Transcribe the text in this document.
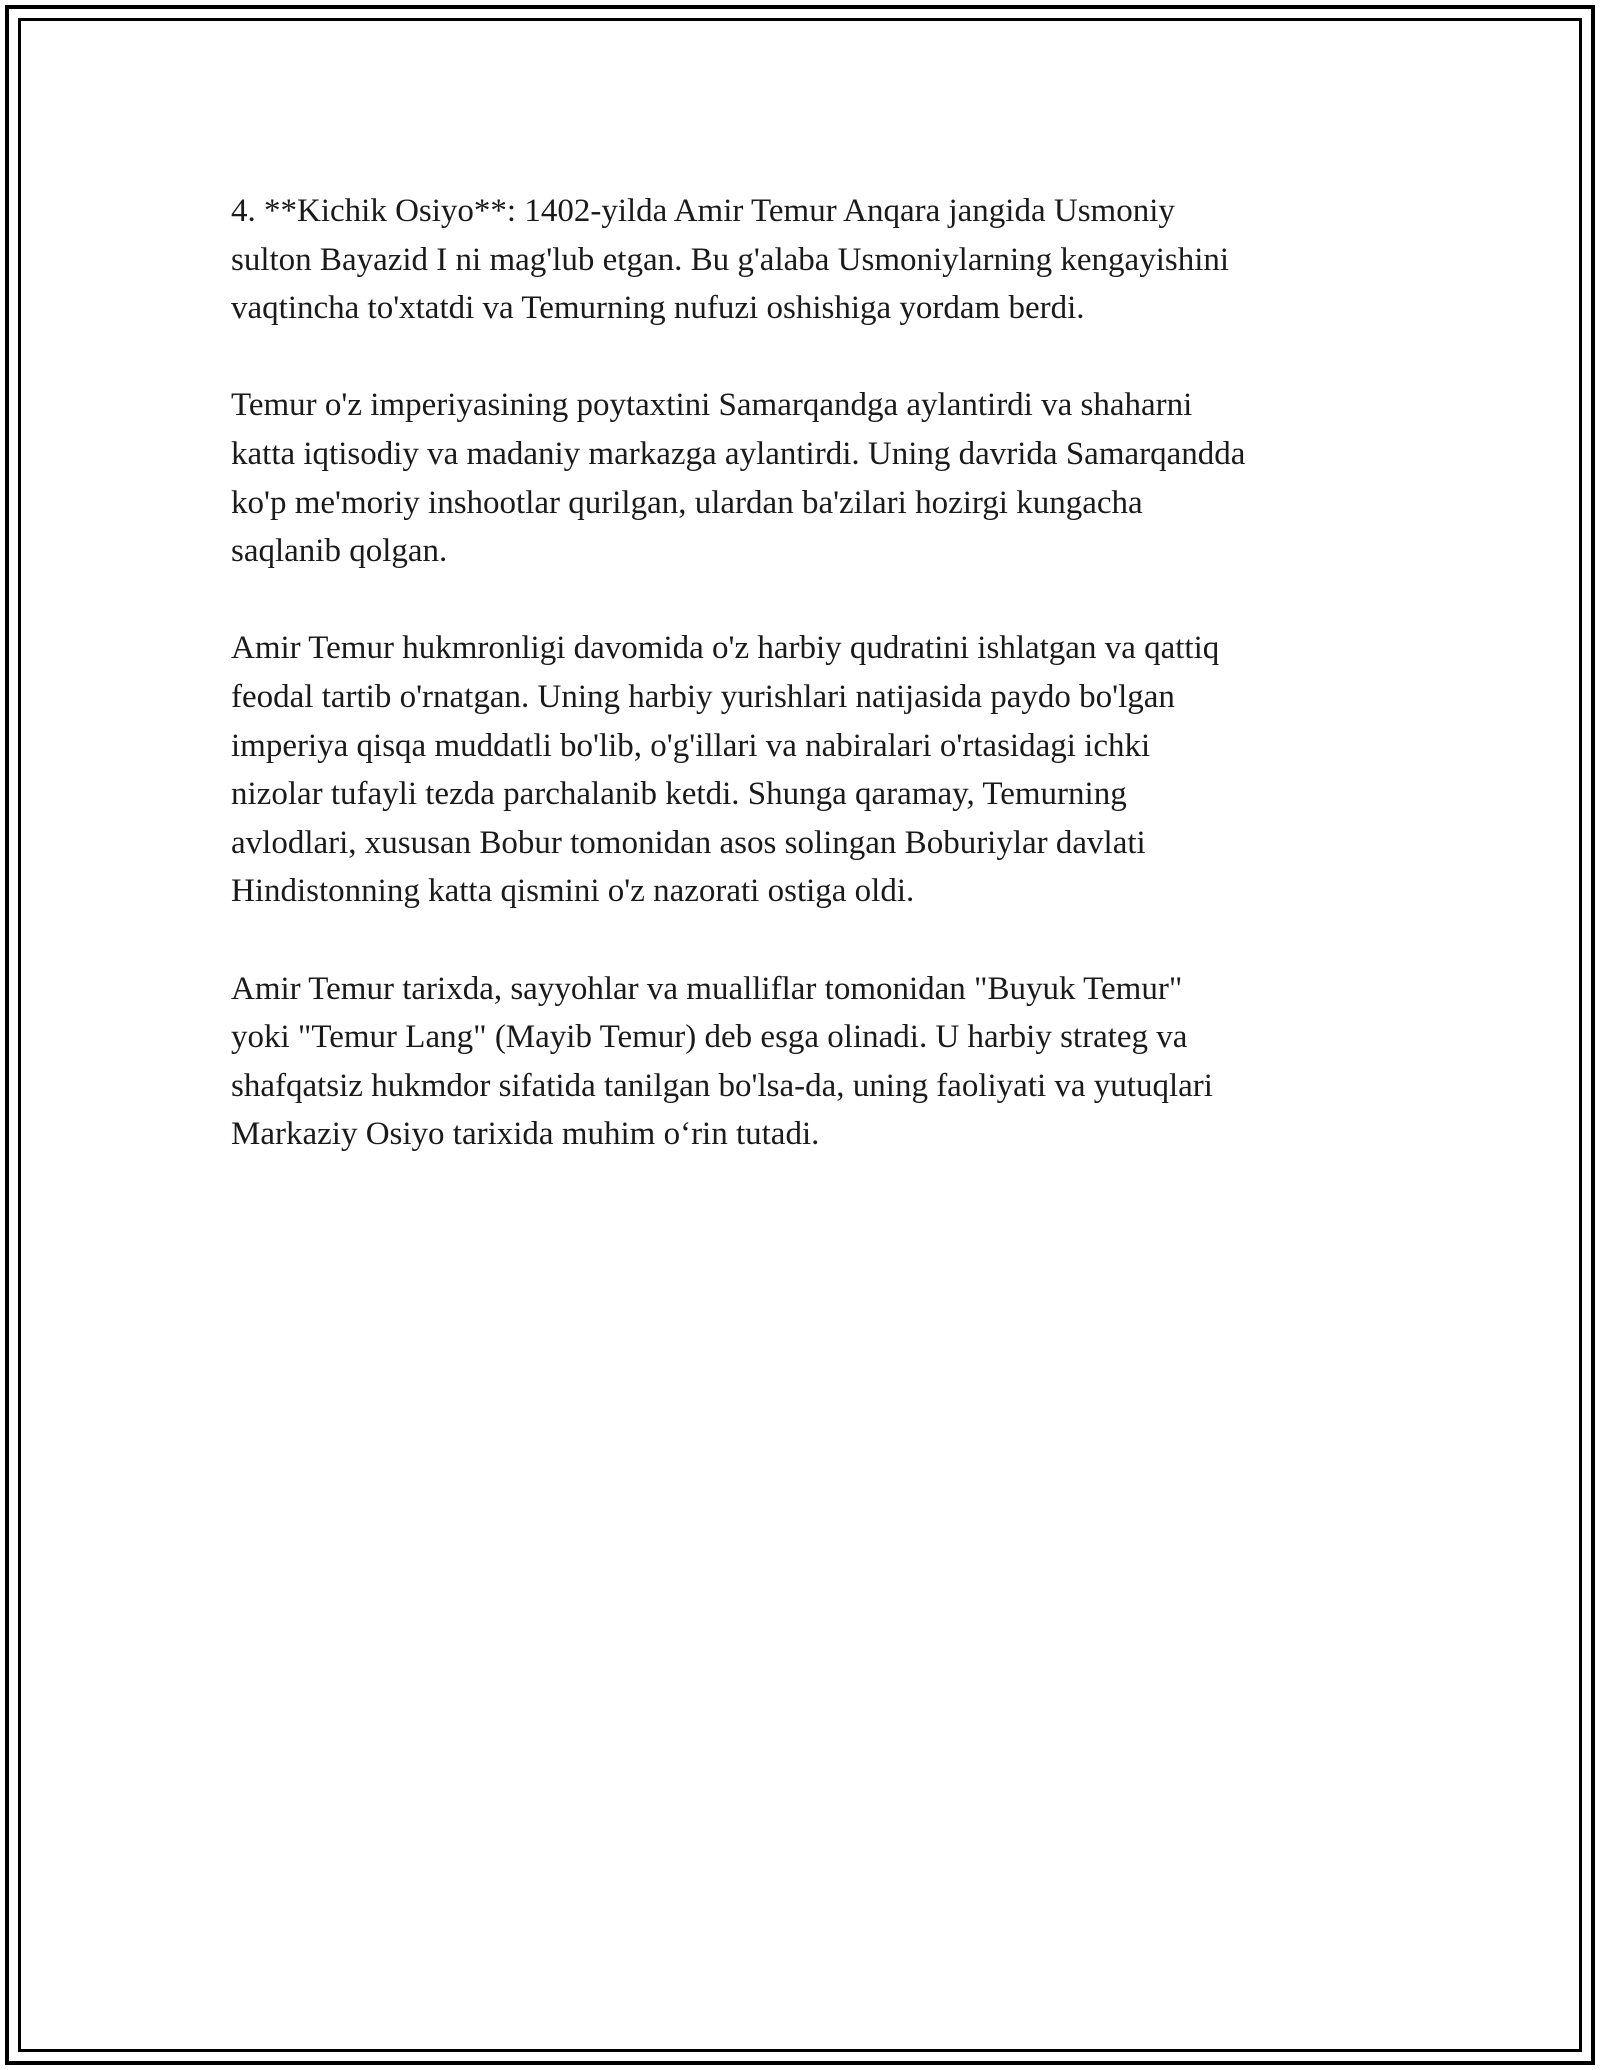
4. **Kichik Osiyo**: 1402-yilda Amir Temur Anqara jangida Usmoniy
sulton Bayazid I ni mag'lub etgan. Bu g'alaba Usmoniylarning kengayishini
vaqtincha to'xtatdi va Temurning nufuzi oshishiga yordam berdi.

Temur o'z imperiyasining poytaxtini Samarqandga aylantirdi va shaharni
katta iqtisodiy va madaniy markazga aylantirdi. Uning davrida Samarqandda
ko'p me'moriy inshootlar qurilgan, ulardan ba'zilari hozirgi kungacha
saqlanib qolgan.

Amir Temur hukmronligi davomida o'z harbiy qudratini ishlatgan va qattiq
feodal tartib o'rnatgan. Uning harbiy yurishlari natijasida paydo bo'lgan
imperiya qisqa muddatli bo'lib, o'g'illari va nabiralari o'rtasidagi ichki
nizolar tufayli tezda parchalanib ketdi. Shunga qaramay, Temurning
avlodlari, xususan Bobur tomonidan asos solingan Boburiylar davlati
Hindistonning katta qismini o'z nazorati ostiga oldi.

Amir Temur tarixda, sayyohlar va mualliflar tomonidan "Buyuk Temur"
yoki "Temur Lang" (Mayib Temur) deb esga olinadi. U harbiy strateg va
shafqatsiz hukmdor sifatida tanilgan bo'lsa-da, uning faoliyati va yutuqlari
Markaziy Osiyo tarixida muhim o‘rin tutadi.
